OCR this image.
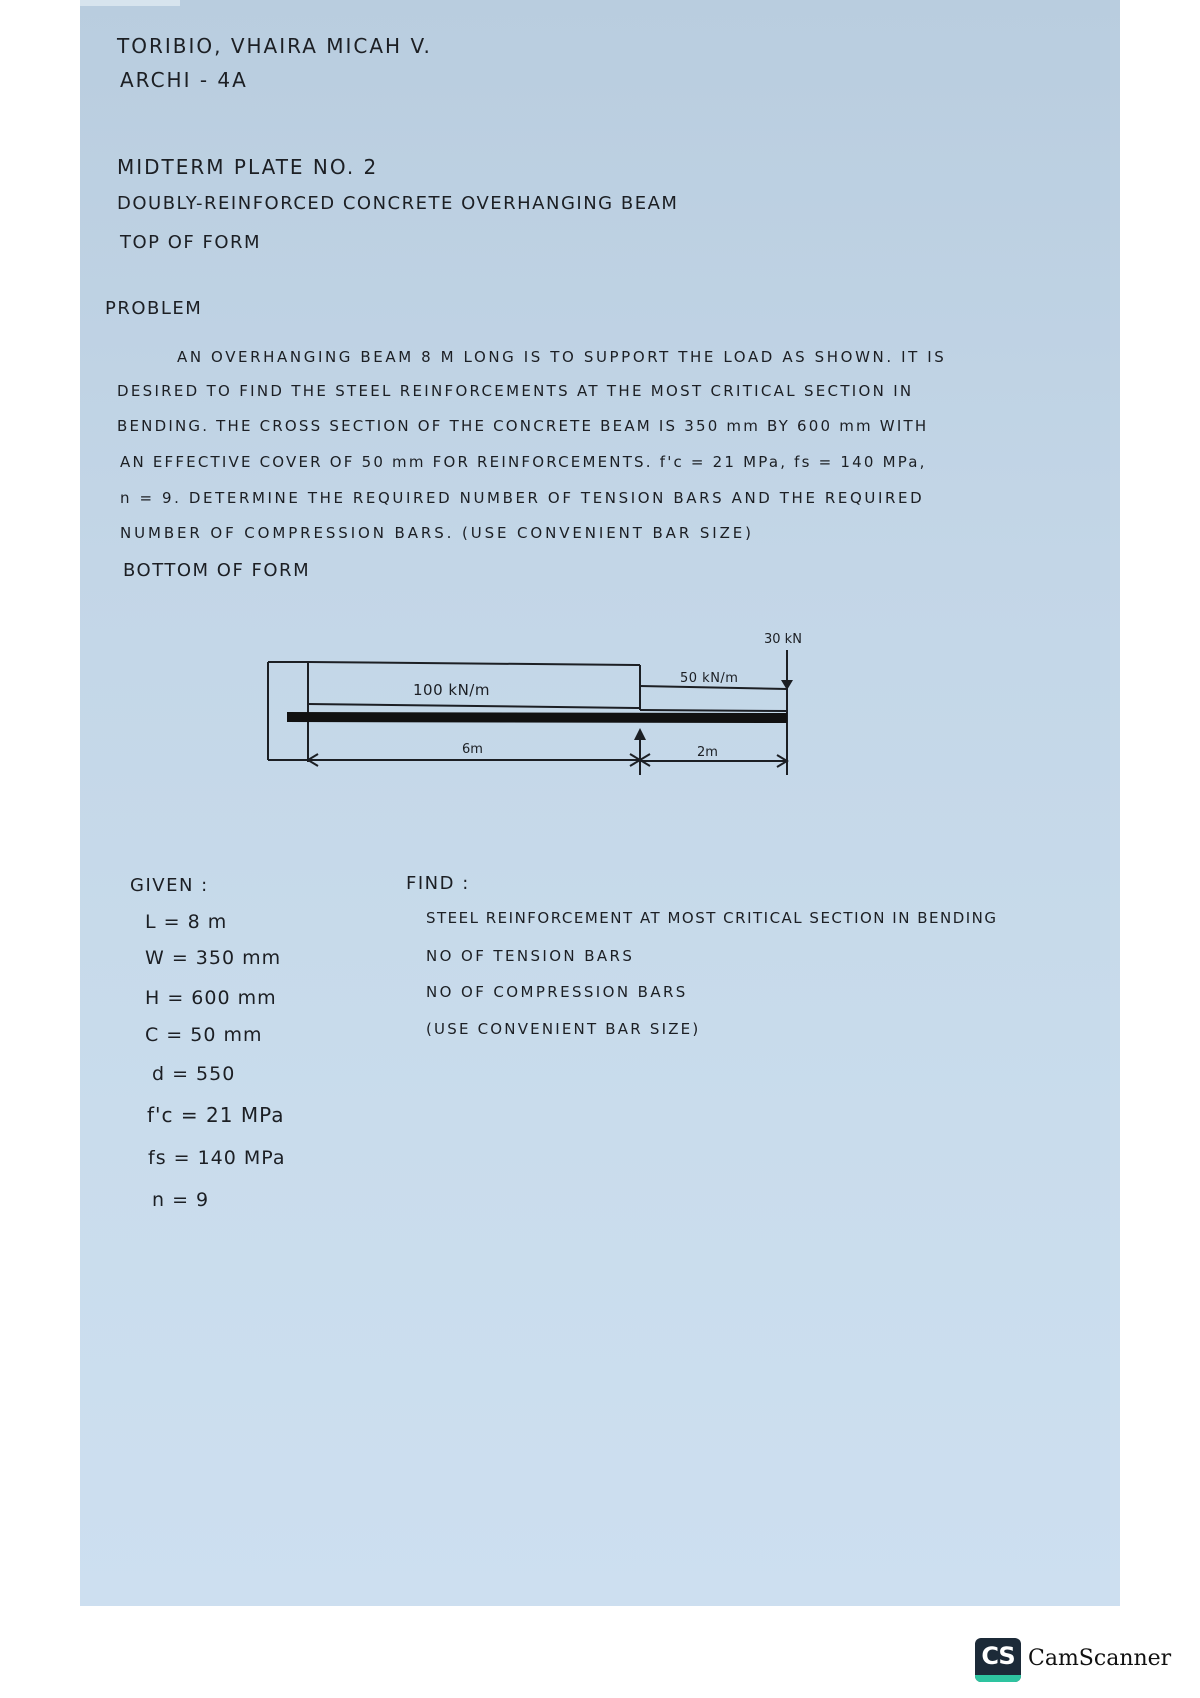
TORIBIO, VHAIRA MICAH V.
ARCHI - 4A
MIDTERM PLATE NO. 2
DOUBLY-REINFORCED CONCRETE OVERHANGING BEAM
TOP OF FORM
PROBLEM
AN OVERHANGING BEAM 8 M LONG IS TO SUPPORT THE LOAD AS SHOWN. IT IS
DESIRED TO FIND THE STEEL REINFORCEMENTS AT THE MOST CRITICAL SECTION IN
BENDING. THE CROSS SECTION OF THE CONCRETE BEAM IS 350 mm BY 600 mm WITH
AN EFFECTIVE COVER OF 50 mm FOR REINFORCEMENTS. f'c = 21 MPa, fs = 140 MPa,
n = 9. DETERMINE THE REQUIRED NUMBER OF TENSION BARS AND THE REQUIRED
NUMBER OF COMPRESSION BARS. (USE CONVENIENT BAR SIZE)
BOTTOM OF FORM
100 kN/m
50 kN/m
30 kN
6m	2m
GIVEN :
L = 8 m
W = 350 mm
H = 600 mm
C = 50 mm
d = 550
f'c = 21 MPa
fs = 140 MPa
n = 9
FIND :
STEEL REINFORCEMENT AT MOST CRITICAL SECTION IN BENDING
NO OF TENSION BARS
NO OF COMPRESSION BARS
(USE CONVENIENT BAR SIZE)
CS CamScanner
